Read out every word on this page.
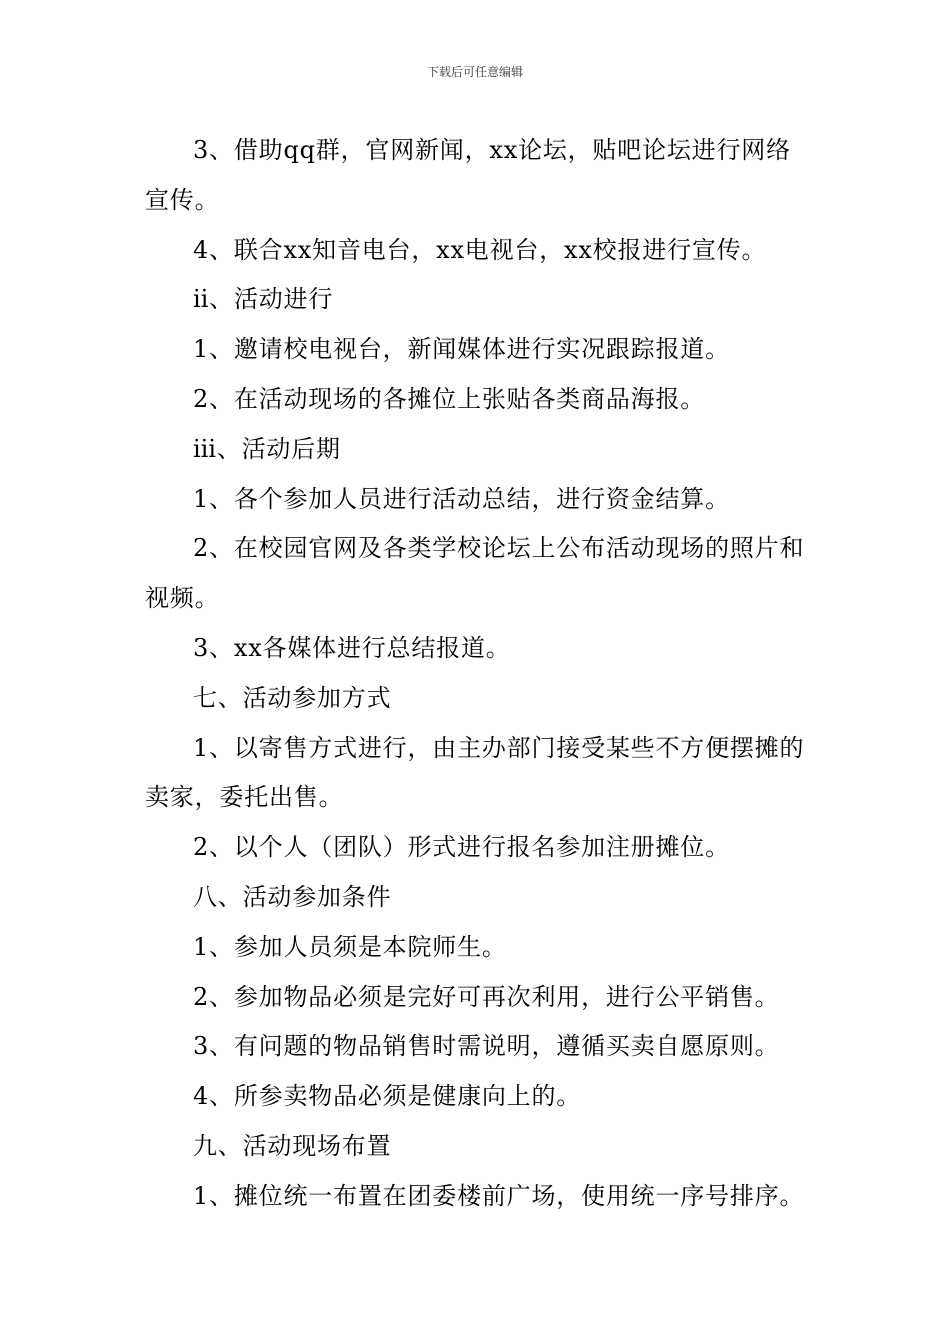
下载后可任意编辑

3、借助qq群，官网新闻，xx论坛，贴吧论坛进行网络宣传。

4、联合xx知音电台，xx电视台，xx校报进行宣传。

ⅱ、活动进行

1、邀请校电视台，新闻媒体进行实况跟踪报道。

2、在活动现场的各摊位上张贴各类商品海报。

ⅲ、活动后期

1、各个参加人员进行活动总结，进行资金结算。

2、在校园官网及各类学校论坛上公布活动现场的照片和视频。

3、xx各媒体进行总结报道。

七、活动参加方式

1、以寄售方式进行，由主办部门接受某些不方便摆摊的卖家，委托出售。

2、以个人（团队）形式进行报名参加注册摊位。

八、活动参加条件

1、参加人员须是本院师生。

2、参加物品必须是完好可再次利用，进行公平销售。

3、有问题的物品销售时需说明，遵循买卖自愿原则。

4、所参卖物品必须是健康向上的。

九、活动现场布置

1、摊位统一布置在团委楼前广场，使用统一序号排序。
